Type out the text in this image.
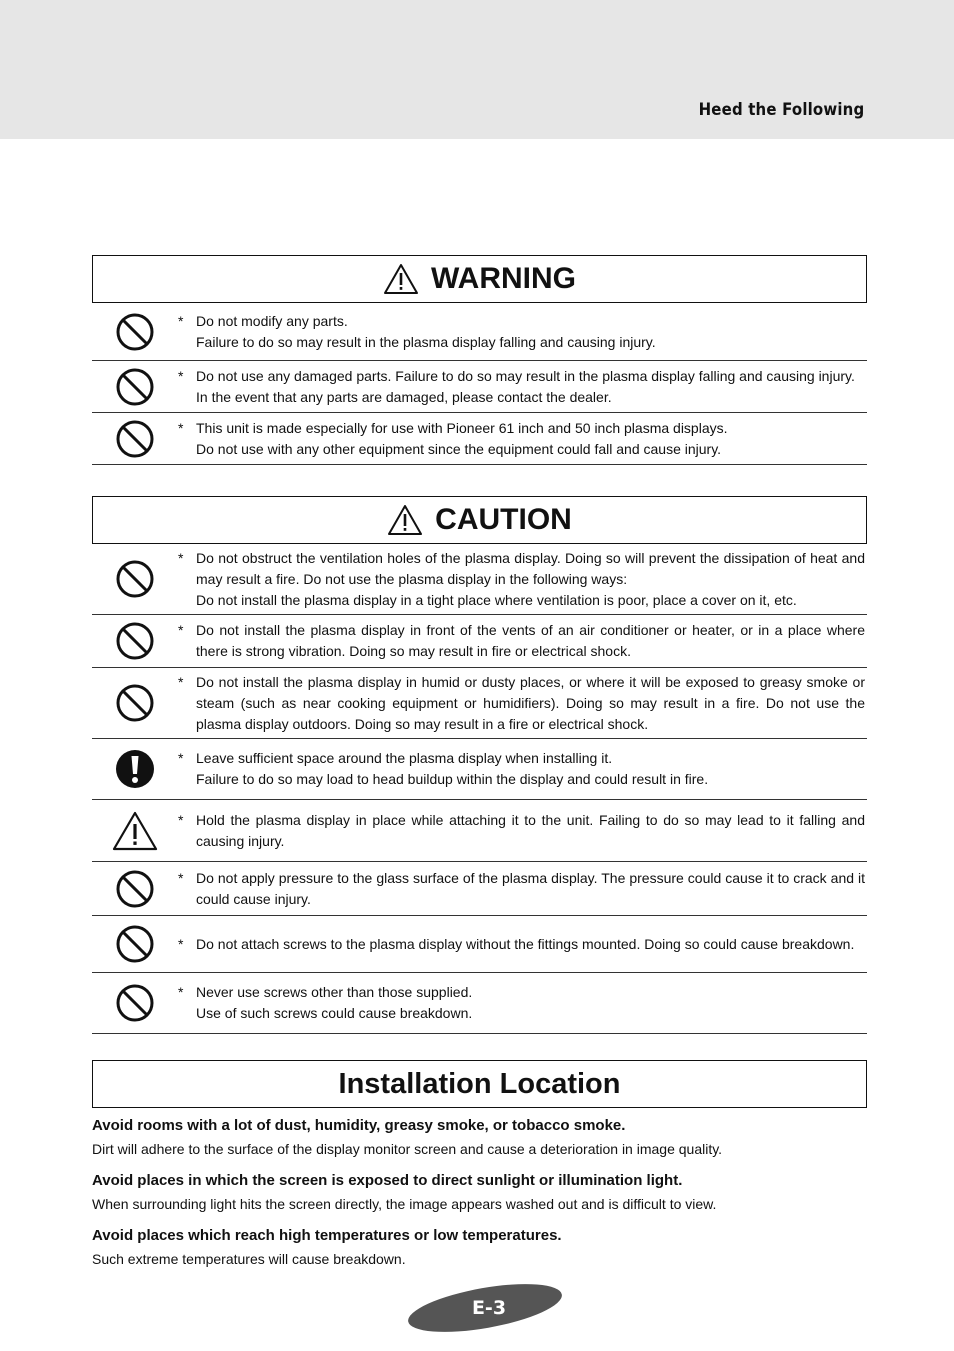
Heed the Following
WARNING
* Do not modify any parts.
Failure to do so may result in the plasma display falling and causing injury.
* Do not use any damaged parts. Failure to do so may result in the plasma display falling and causing injury.
In the event that any parts are damaged, please contact the dealer.
* This unit is made especially for use with Pioneer 61 inch and 50 inch plasma displays.
Do not use with any other equipment since the equipment could fall and cause injury.
CAUTION
* Do not obstruct the ventilation holes of the plasma display. Doing so will prevent the dissipation of heat and may result a fire. Do not use the plasma display in the following ways:
Do not install the plasma display in a tight place where ventilation is poor, place a cover on it, etc.
* Do not install the plasma display in front of the vents of an air conditioner or heater, or in a place where there is strong vibration. Doing so may result in fire or electrical shock.
* Do not install the plasma display in humid or dusty places, or where it will be exposed to greasy smoke or steam (such as near cooking equipment or humidifiers). Doing so may result in a fire. Do not use the plasma display outdoors. Doing so may result in a fire or electrical shock.
* Leave sufficient space around the plasma display when installing it.
Failure to do so may load to head buildup within the display and could result in fire.
* Hold the plasma display in place while attaching it to the unit. Failing to do so may lead to it falling and causing injury.
* Do not apply pressure to the glass surface of the plasma display. The pressure could cause it to crack and it could cause injury.
* Do not attach screws to the plasma display without the fittings mounted. Doing so could cause breakdown.
* Never use screws other than those supplied.
Use of such screws could cause breakdown.
Installation Location
Avoid rooms with a lot of dust, humidity, greasy smoke, or tobacco smoke.
Dirt will adhere to the surface of the display monitor screen and cause a deterioration in image quality.
Avoid places in which the screen is exposed to direct sunlight or illumination light.
When surrounding light hits the screen directly, the image appears washed out and is difficult to view.
Avoid places which reach high temperatures or low temperatures.
Such extreme temperatures will cause breakdown.
E-3
